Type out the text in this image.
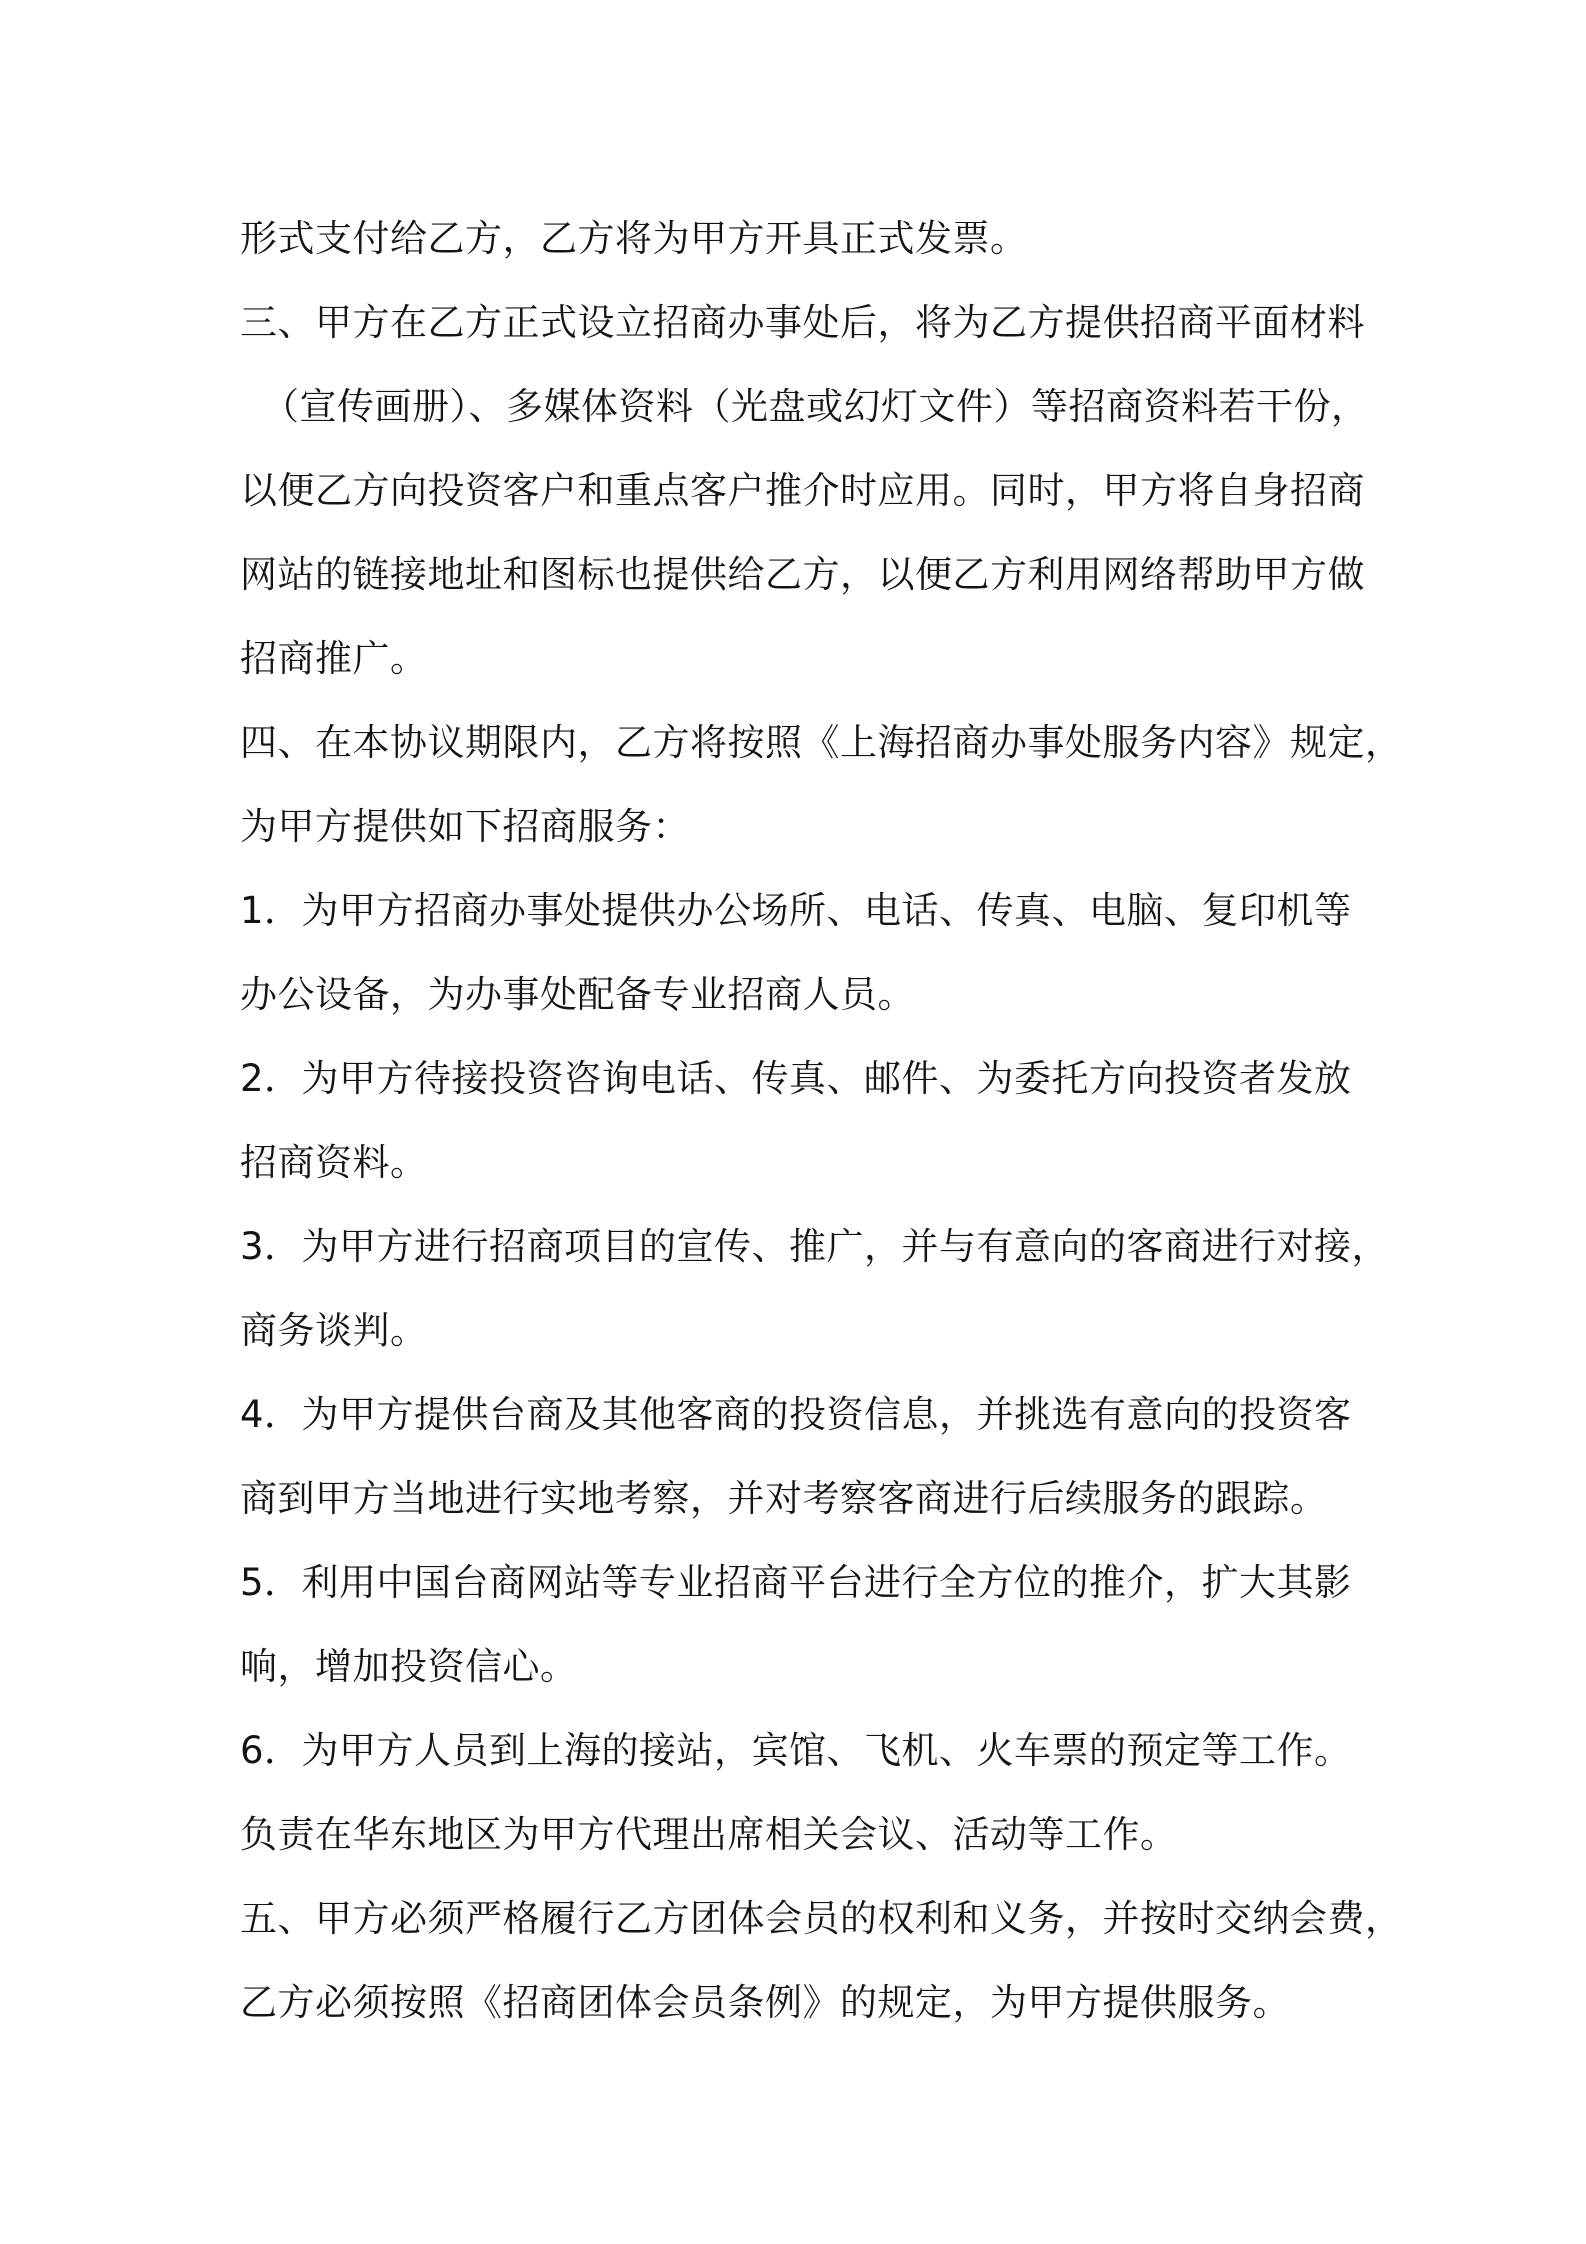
形式支付给乙方，乙方将为甲方开具正式发票。
三、甲方在乙方正式设立招商办事处后，将为乙方提供招商平面材料
（宣传画册）、多媒体资料（光盘或幻灯文件）等招商资料若干份，
以便乙方向投资客户和重点客户推介时应用。同时，甲方将自身招商
网站的链接地址和图标也提供给乙方，以便乙方利用网络帮助甲方做
招商推广。
四、在本协议期限内，乙方将按照《上海招商办事处服务内容》规定，
为甲方提供如下招商服务：
1．为甲方招商办事处提供办公场所、电话、传真、电脑、复印机等
办公设备，为办事处配备专业招商人员。
2．为甲方待接投资咨询电话、传真、邮件、为委托方向投资者发放
招商资料。
3．为甲方进行招商项目的宣传、推广，并与有意向的客商进行对接，
商务谈判。
4．为甲方提供台商及其他客商的投资信息，并挑选有意向的投资客
商到甲方当地进行实地考察，并对考察客商进行后续服务的跟踪。
5．利用中国台商网站等专业招商平台进行全方位的推介，扩大其影
响，增加投资信心。
6．为甲方人员到上海的接站，宾馆、飞机、火车票的预定等工作。
负责在华东地区为甲方代理出席相关会议、活动等工作。
五、甲方必须严格履行乙方团体会员的权利和义务，并按时交纳会费，
乙方必须按照《招商团体会员条例》的规定，为甲方提供服务。
